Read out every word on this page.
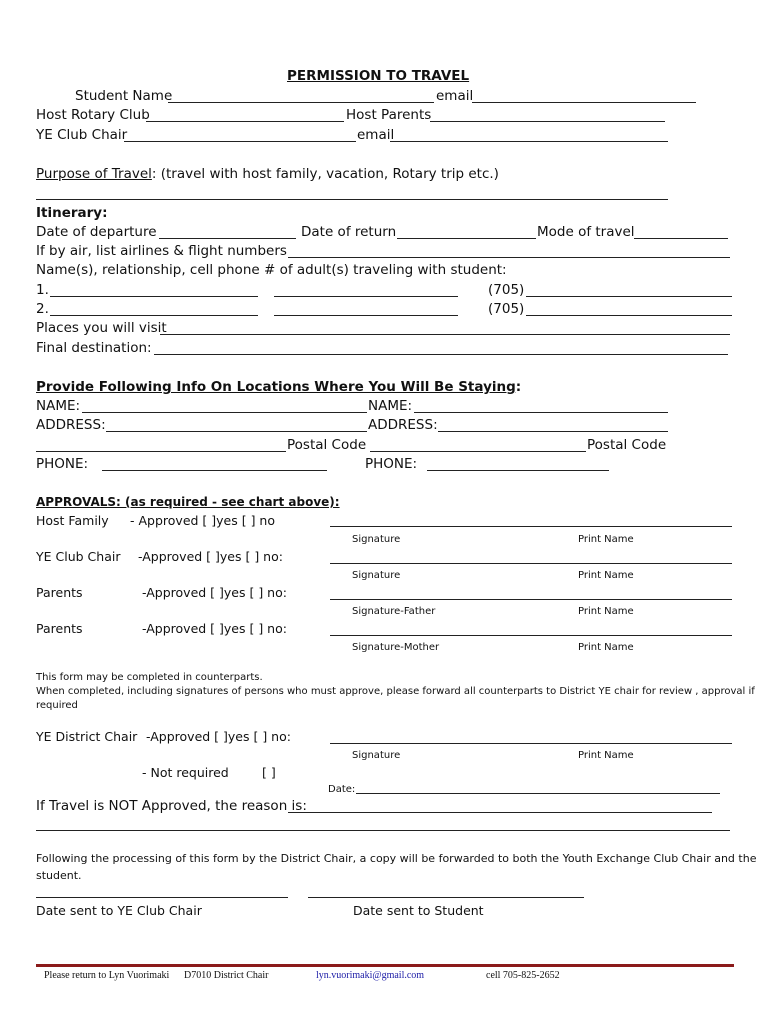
PERMISSION TO TRAVEL
Student Name	email
Host Rotary Club	Host Parents
YE Club Chair	email
Purpose of Travel: (travel with host family, vacation, Rotary trip etc.)
Itinerary:
Date of departure	Date of return	Mode of travel
If by air, list airlines & flight numbers
Name(s), relationship, cell phone # of adult(s) traveling with student:
1.	(705)
2.	(705)
Places you will visit
Final destination:
Provide Following Info On Locations Where You Will Be Staying:
NAME:	NAME:
ADDRESS:	ADDRESS:
Postal Code	Postal Code
PHONE:	PHONE:
APPROVALS: (as required - see chart above):
Host Family - Approved [ ]yes [ ] no
Signature	Print Name
YE Club Chair -Approved [ ]yes [ ] no:
Signature	Print Name
Parents	-Approved [ ]yes [ ] no:
Signature-Father	Print Name
Parents	-Approved [ ]yes [ ] no:
Signature-Mother	Print Name
This form may be completed in counterparts.
When completed, including signatures of persons who must approve, please forward all counterparts to District YE chair for review , approval if
required
YE District Chair -Approved [ ]yes [ ] no:
Signature	Print Name
- Not required	[ ]
Date:
If Travel is NOT Approved, the reason is:
Following the processing of this form by the District Chair, a copy will be forwarded to both the Youth Exchange Club Chair and the
student.
Date sent to YE Club Chair	Date sent to Student
Please return to Lyn Vuorimaki D7010 District Chair	lyn.vuorimaki@gmail.com	cell 705-825-2652
